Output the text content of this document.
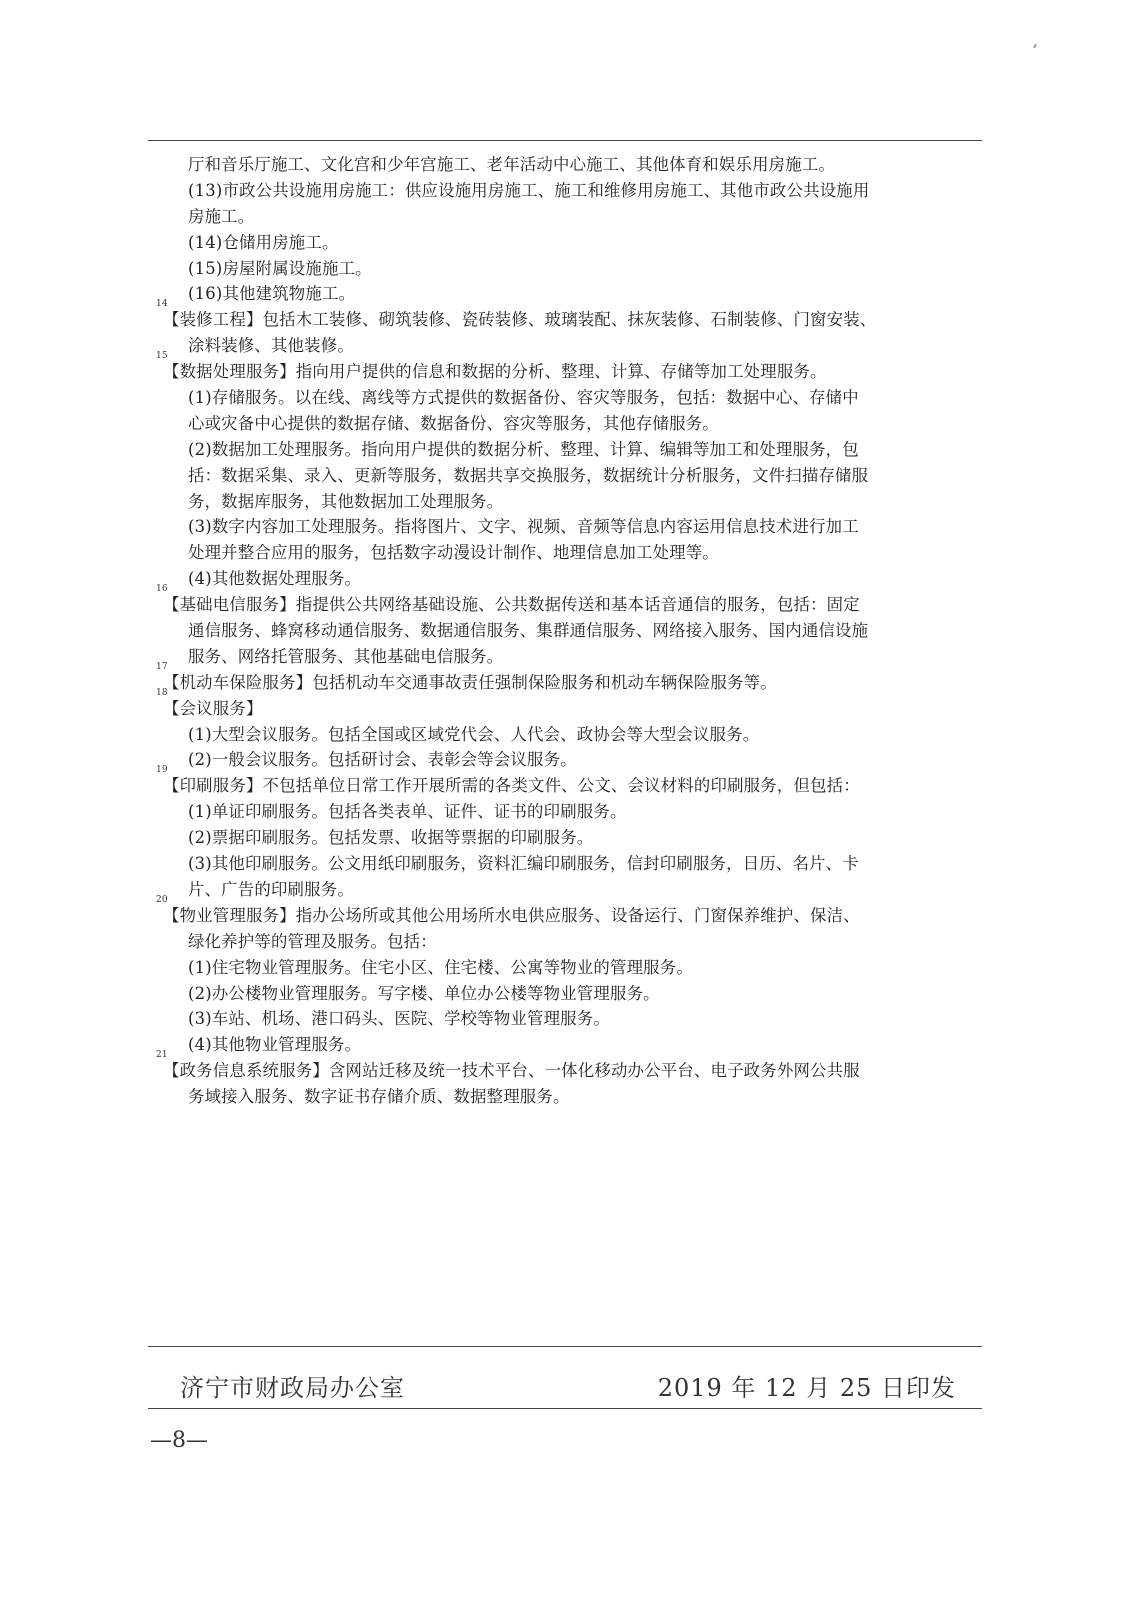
厅和音乐厅施工、文化宫和少年宫施工、老年活动中心施工、其他体育和娱乐用房施工。
(13)市政公共设施用房施工：供应设施用房施工、施工和维修用房施工、其他市政公共设施用
房施工。
(14)仓储用房施工。
(15)房屋附属设施施工。
(16)其他建筑物施工。
14
【装修工程】包括木工装修、砌筑装修、瓷砖装修、玻璃装配、抹灰装修、石制装修、门窗安装、
涂料装修、其他装修。
15
【数据处理服务】指向用户提供的信息和数据的分析、整理、计算、存储等加工处理服务。
(1)存储服务。以在线、离线等方式提供的数据备份、容灾等服务，包括：数据中心、存储中
心或灾备中心提供的数据存储、数据备份、容灾等服务，其他存储服务。
(2)数据加工处理服务。指向用户提供的数据分析、整理、计算、编辑等加工和处理服务，包
括：数据采集、录入、更新等服务，数据共享交换服务，数据统计分析服务，文件扫描存储服
务，数据库服务，其他数据加工处理服务。
(3)数字内容加工处理服务。指将图片、文字、视频、音频等信息内容运用信息技术进行加工
处理并整合应用的服务，包括数字动漫设计制作、地理信息加工处理等。
(4)其他数据处理服务。
16
【基础电信服务】指提供公共网络基础设施、公共数据传送和基本话音通信的服务，包括：固定
通信服务、蜂窝移动通信服务、数据通信服务、集群通信服务、网络接入服务、国内通信设施
服务、网络托管服务、其他基础电信服务。
17
【机动车保险服务】包括机动车交通事故责任强制保险服务和机动车辆保险服务等。
18
【会议服务】
(1)大型会议服务。包括全国或区域党代会、人代会、政协会等大型会议服务。
(2)一般会议服务。包括研讨会、表彰会等会议服务。
19
【印刷服务】不包括单位日常工作开展所需的各类文件、公文、会议材料的印刷服务，但包括：
(1)单证印刷服务。包括各类表单、证件、证书的印刷服务。
(2)票据印刷服务。包括发票、收据等票据的印刷服务。
(3)其他印刷服务。公文用纸印刷服务，资料汇编印刷服务，信封印刷服务，日历、名片、卡
片、广告的印刷服务。
20
【物业管理服务】指办公场所或其他公用场所水电供应服务、设备运行、门窗保养维护、保洁、
绿化养护等的管理及服务。包括：
(1)住宅物业管理服务。住宅小区、住宅楼、公寓等物业的管理服务。
(2)办公楼物业管理服务。写字楼、单位办公楼等物业管理服务。
(3)车站、机场、港口码头、医院、学校等物业管理服务。
(4)其他物业管理服务。
21
【政务信息系统服务】含网站迁移及统一技术平台、一体化移动办公平台、电子政务外网公共服
务域接入服务、数字证书存储介质、数据整理服务。
济宁市财政局办公室	2019 年 12 月 25 日印发
—8—
